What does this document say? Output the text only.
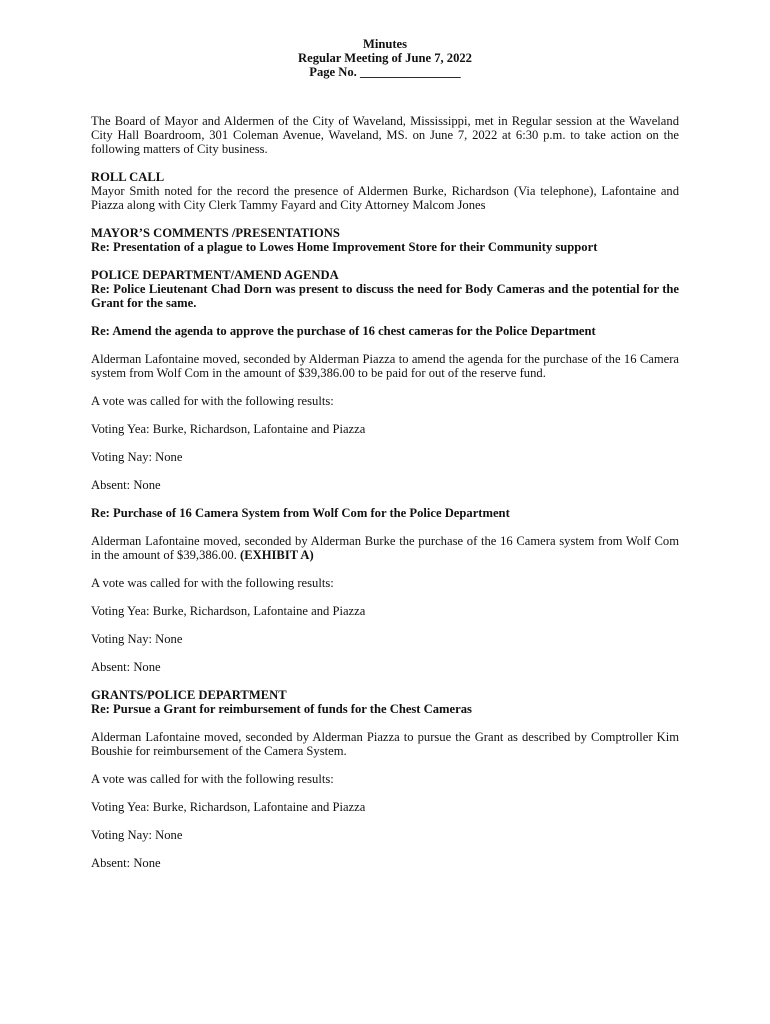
Minutes

Regular Meeting of June 7, 2022

Page No. ________________

The Board of Mayor and Aldermen of the City of Waveland, Mississippi, met in Regular session at the Waveland City Hall Boardroom, 301 Coleman Avenue, Waveland, MS. on June 7, 2022 at 6:30 p.m. to take action on the following matters of City business.

ROLL CALL

Mayor Smith noted for the record the presence of Aldermen Burke, Richardson (Via telephone), Lafontaine and Piazza along with City Clerk Tammy Fayard and City Attorney Malcom Jones

MAYOR’S COMMENTS /PRESENTATIONS

Re: Presentation of a plague to Lowes Home Improvement Store for their Community support

POLICE DEPARTMENT/AMEND AGENDA

Re: Police Lieutenant Chad Dorn was present to discuss the need for Body Cameras and the potential for the Grant for the same.

Re: Amend the agenda to approve the purchase of 16 chest cameras for the Police Department

Alderman Lafontaine moved, seconded by Alderman Piazza to amend the agenda for the purchase of the 16 Camera system from Wolf Com in the amount of $39,386.00 to be paid for out of the reserve fund.

A vote was called for with the following results:

Voting Yea: Burke, Richardson, Lafontaine and Piazza

Voting Nay: None

Absent: None

Re: Purchase of 16 Camera System from Wolf Com for the Police Department

Alderman Lafontaine moved, seconded by Alderman Burke the purchase of the 16 Camera system from Wolf Com in the amount of $39,386.00. (EXHIBIT A)

A vote was called for with the following results:

Voting Yea: Burke, Richardson, Lafontaine and Piazza

Voting Nay: None

Absent: None

GRANTS/POLICE DEPARTMENT

Re: Pursue a Grant for reimbursement of funds for the Chest Cameras

Alderman Lafontaine moved, seconded by Alderman Piazza to pursue the Grant as described by Comptroller Kim Boushie for reimbursement of the Camera System.

A vote was called for with the following results:

Voting Yea: Burke, Richardson, Lafontaine and Piazza

Voting Nay: None

Absent: None
